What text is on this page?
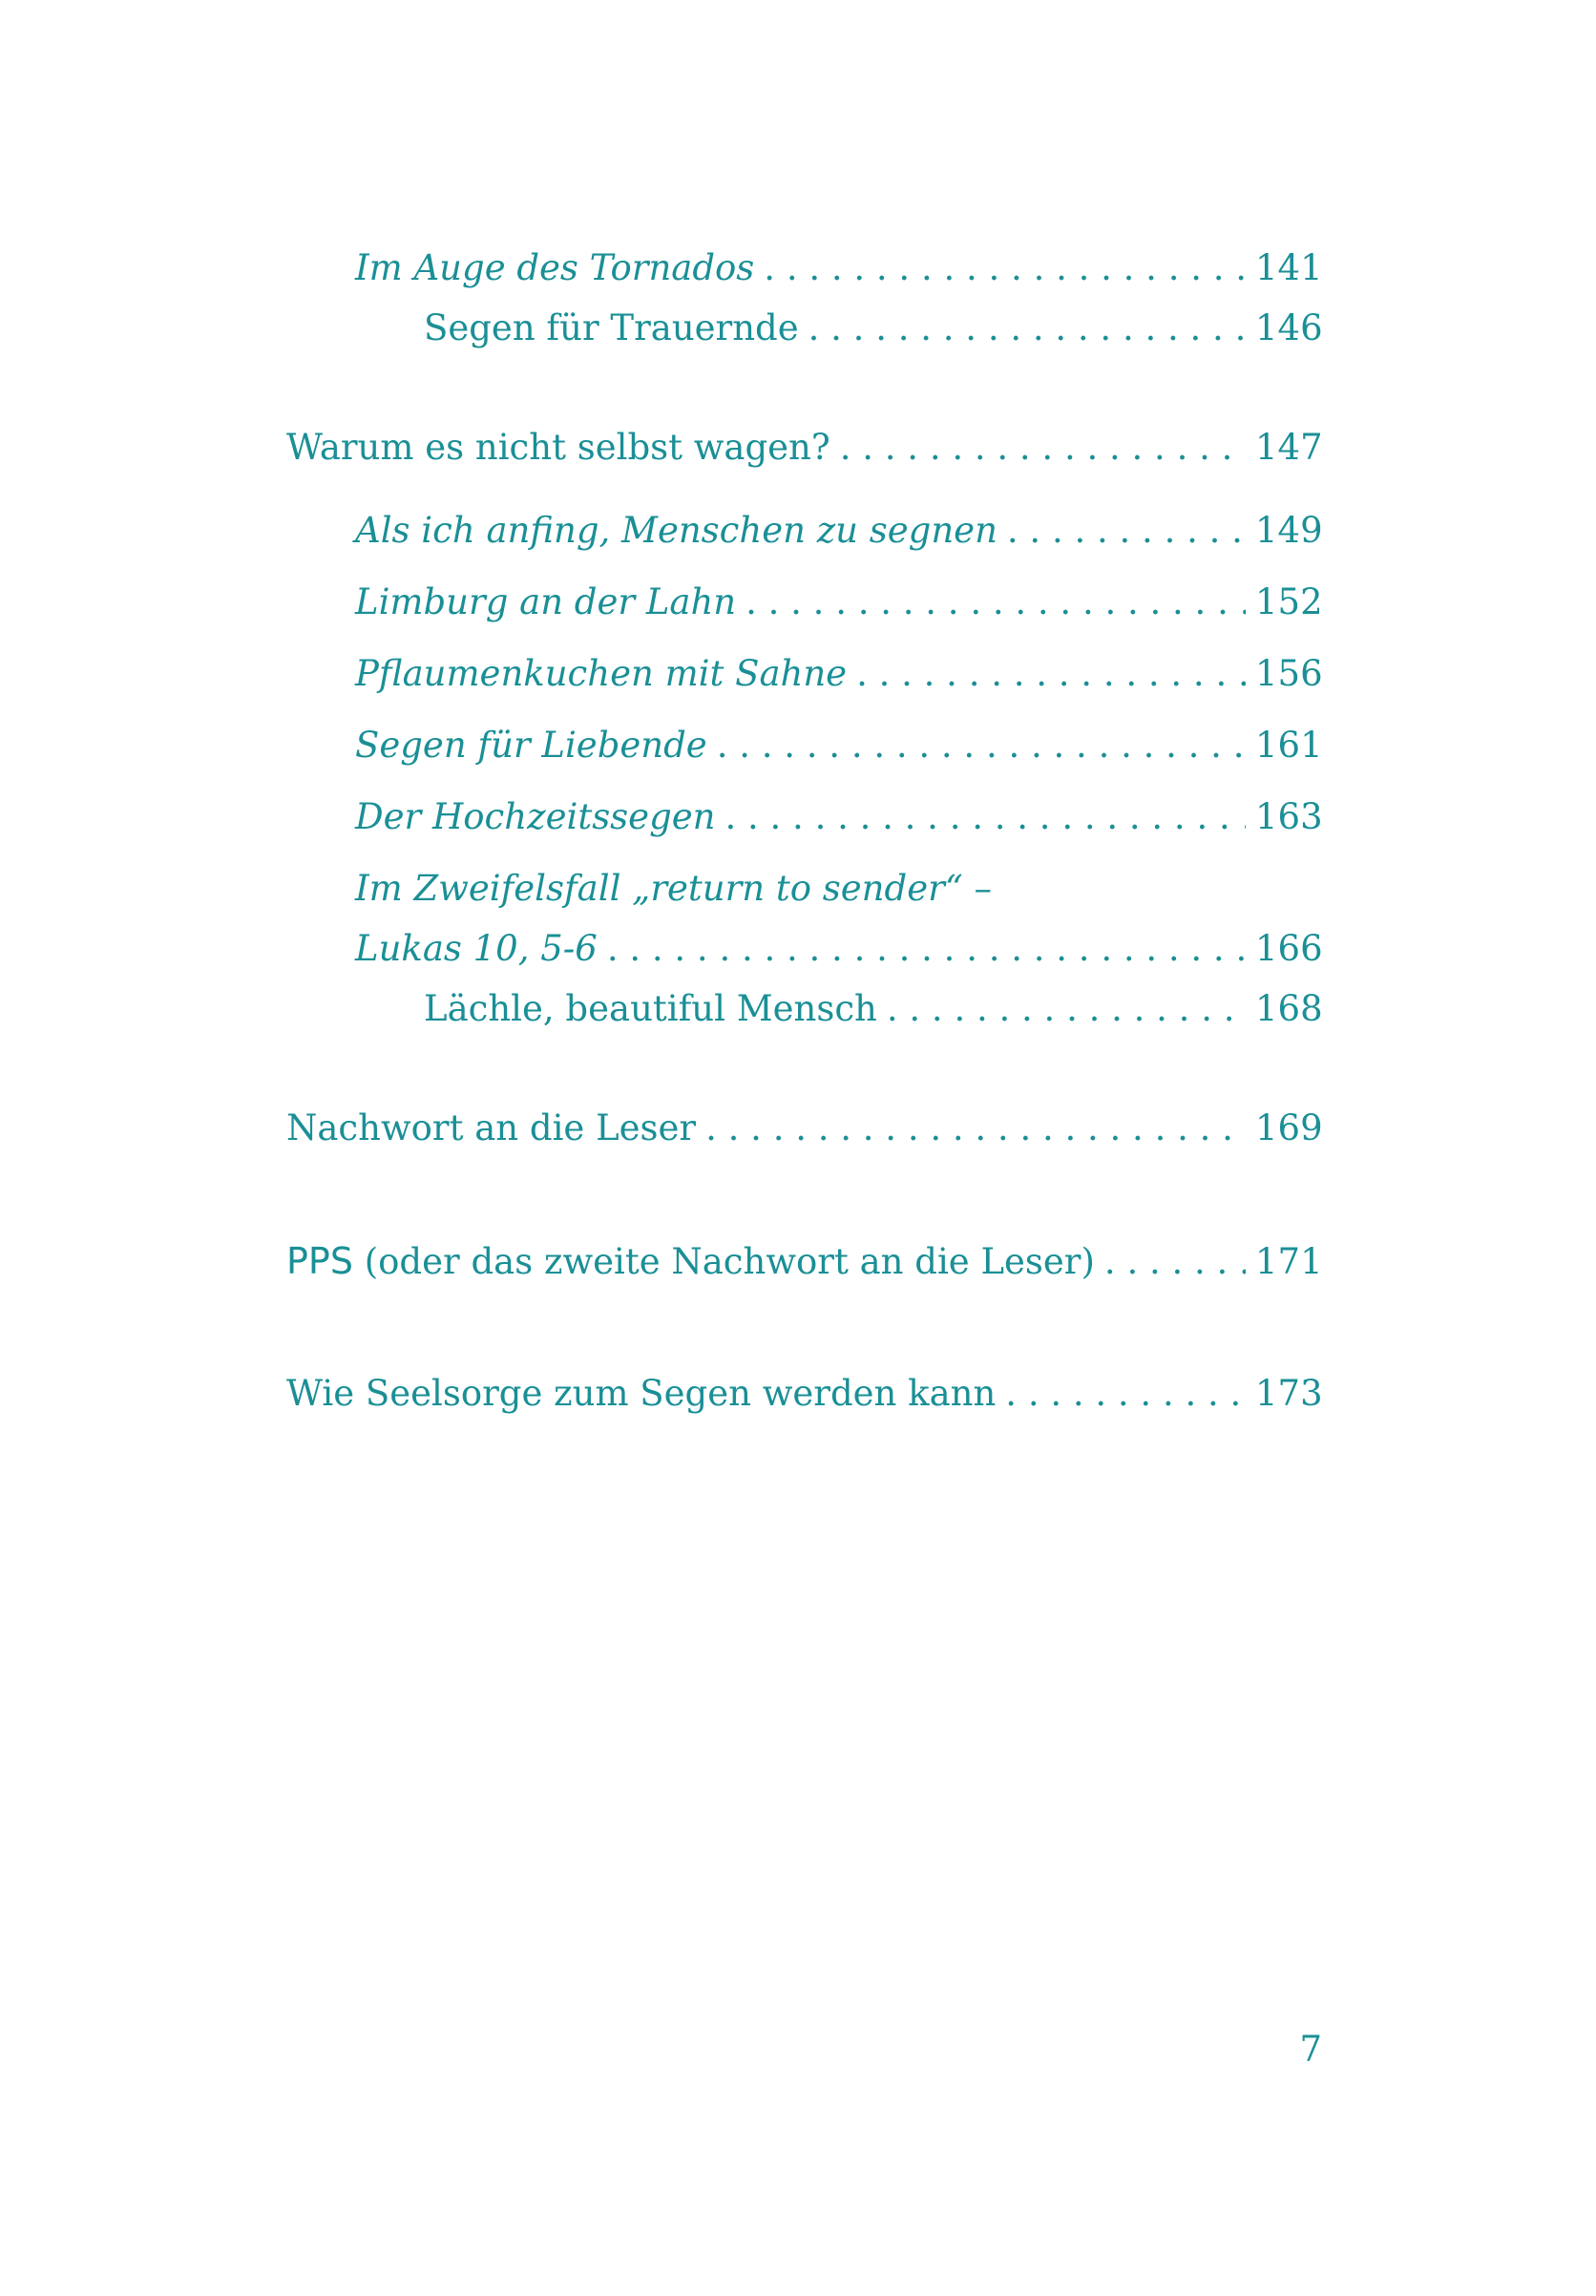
Im Auge des Tornados . . .	141
Segen für Trauernde . . .	146
Warum es nicht selbst wagen? . . .	147
Als ich anfing, Menschen zu segnen . . .	149
Limburg an der Lahn . . .	152
Pflaumenkuchen mit Sahne . . .	156
Segen für Liebende . . .	161
Der Hochzeitssegen . . .	163
Im Zweifelsfall „return to sender“ –
Lukas 10, 5-6 . . .	166
Lächle, beautiful Mensch . . .	168
Nachwort an die Leser . . .	169
PPS (oder das zweite Nachwort an die Leser) . . .	171
Wie Seelsorge zum Segen werden kann . . .	173
7
